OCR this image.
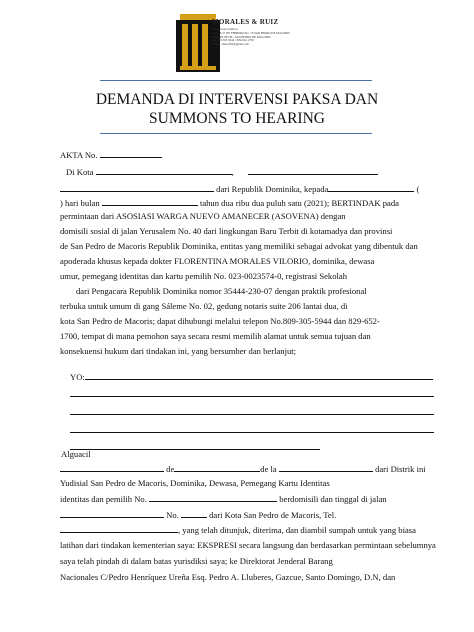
MORALES & RUIZ
Consultores Jurídicos
CALLE 27 DE FEBRERO No. 70 SAN PEDRO DE MACORIS
TERCER NIVEL, SAN PEDRO DE MACORIS
Tel. 809-305-5944 / 829-652-1700
E-mail: abuso305@gmail.com
DEMANDA DI INTERVENSI PAKSA DAN
SUMMONS TO HEARING
AKTA No.
Di Kota	,
dari Republik Dominika, kepada	(
) hari bulan	tahun dua ribu dua puluh satu (2021); BERTINDAK pada
permintaan dari ASOSIASI WARGA NUEVO AMANECER (ASOVENA) dengan
domisili sosial di jalan Yerusalem No. 40 dari lingkungan Baru Terbit di kotamadya dan provinsi
de San Pedro de Macoris Republik Dominika, entitas yang memiliki sebagai advokat yang dibentuk dan
apoderada khusus kepada dokter FLORENTINA MORALES VILORIO, dominika, dewasa
umur, pemegang identitas dan kartu pemilih No. 023-0023574-0, registrasi Sekolah
dari Pengacara Republik Dominika nomor 35444-230-07 dengan praktik profesional
terbuka untuk umum di gang Sáleme No. 02, gedung notaris suite 206 lantai dua, di
kota San Pedro de Macoris; dapat dihubungi melalui telepon No.809-305-5944 dan 829-652-
1700, tempat di mana pemohon saya secara resmi memilih alamat untuk semua tujuan dan
konsekuensi hukum dari tindakan ini, yang bersumber dan berlanjut;
YO:
Alguacil
de	de la	dari Distrik ini
Yudisial San Pedro de Macoris, Dominika, Dewasa, Pemegang Kartu Identitas
identitas dan pemilih No.	berdomisili dan tinggal di jalan
No.	dari Kota San Pedro de Macoris, Tel.
, yang telah ditunjuk, diterima, dan diambil sumpah untuk yang biasa
latihan dari tindakan kementerian saya: EKSPRESI secara langsung dan berdasarkan permintaan sebelumnya
saya telah pindah di dalam batas yurisdiksi saya; ke Direktorat Jenderal Barang
Nacionales C/Pedro Henríquez Ureña Esq. Pedro A. Lluberes, Gazcue, Santo Domingo, D.N, dan
